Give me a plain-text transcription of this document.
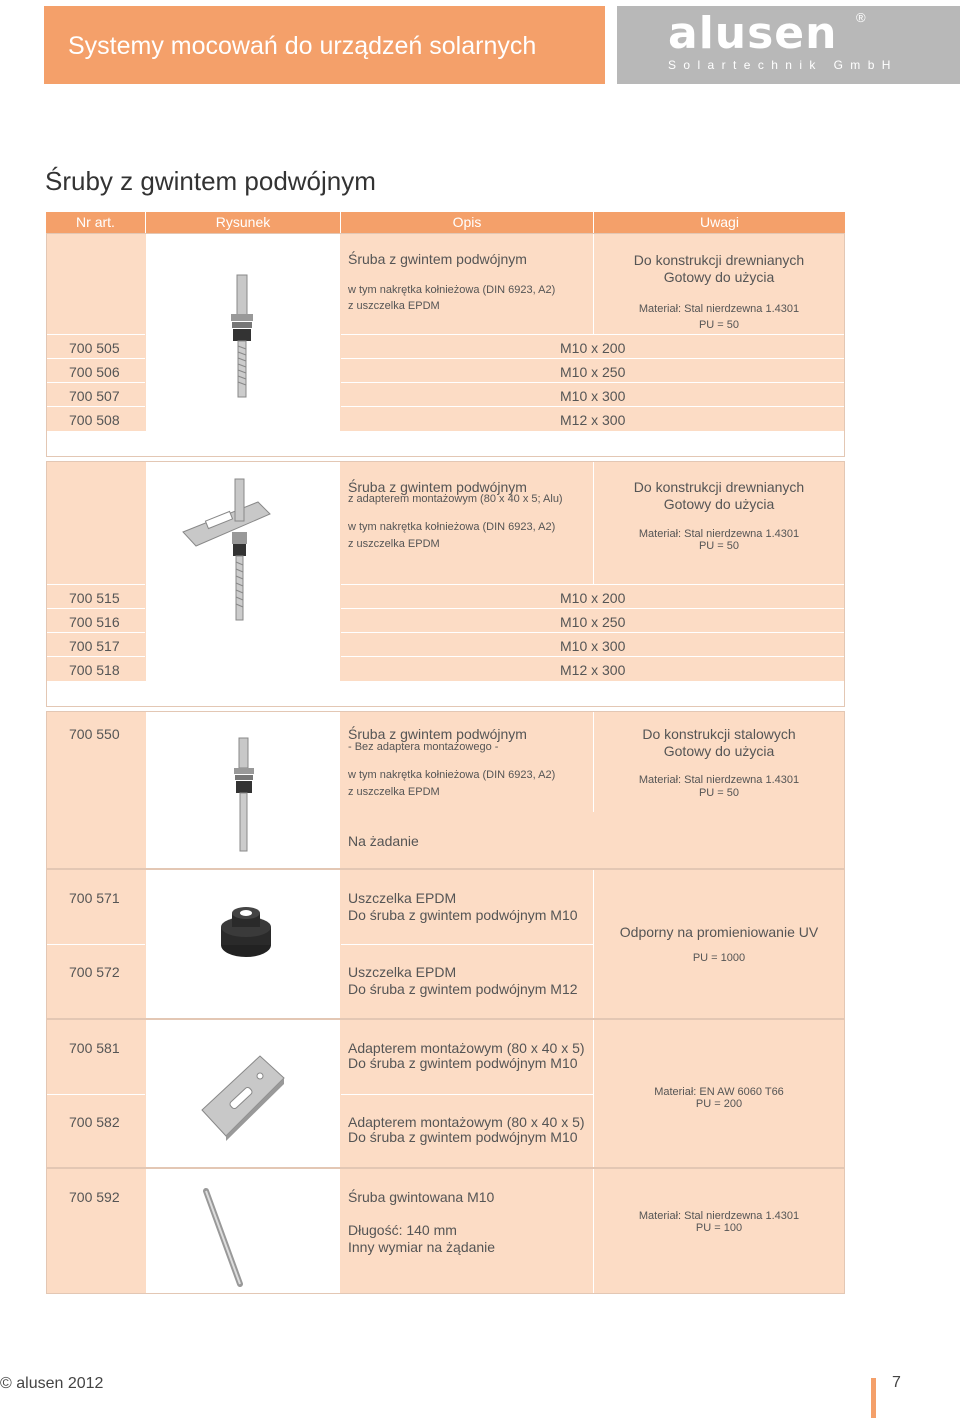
Systemy mocowań do urządzeń solarnych	alusen ®
Solartechnik GmbH
Śruby z gwintem podwójnym
Nr art.	Rysunek	Opis	Uwagi
Śruba z gwintem podwójnym
w tym nakrętka kołnieżowa (DIN 6923, A2)
z uszczelka EPDM
Do konstrukcji drewnianych
Gotowy do użycia
Materiał: Stal nierdzewna 1.4301
PU = 50
700 505	M10 x 200
700 506	M10 x 250
700 507	M10 x 300
700 508	M12 x 300
Śruba z gwintem podwójnym
z adapterem montażowym (80 x 40 x 5; Alu)
w tym nakrętka kołnieżowa (DIN 6923, A2)
z uszczelka EPDM
Do konstrukcji drewnianych
Gotowy do użycia
Materiał: Stal nierdzewna 1.4301
PU = 50
700 515	M10 x 200
700 516	M10 x 250
700 517	M10 x 300
700 518	M12 x 300
700 550	Śruba z gwintem podwójnym
- Bez adaptera montażowego -
w tym nakrętka kołnieżowa (DIN 6923, A2)
z uszczelka EPDM
Na żadanie
Do konstrukcji stalowych
Gotowy do użycia
Materiał: Stal nierdzewna 1.4301
PU = 50
700 571	Uszczelka EPDM
Do śruba z gwintem podwójnym M10
700 572	Uszczelka EPDM
Do śruba z gwintem podwójnym M12
Odporny na promieniowanie UV
PU = 1000
700 581	Adapterem montażowym (80 x 40 x 5)
Do śruba z gwintem podwójnym M10
700 582	Adapterem montażowym (80 x 40 x 5)
Do śruba z gwintem podwójnym M10
Materiał: EN AW 6060 T66
PU = 200
700 592	Śruba gwintowana M10
Długość: 140 mm
Inny wymiar na żądanie
Materiał: Stal nierdzewna 1.4301
PU = 100
© alusen 2012	7
